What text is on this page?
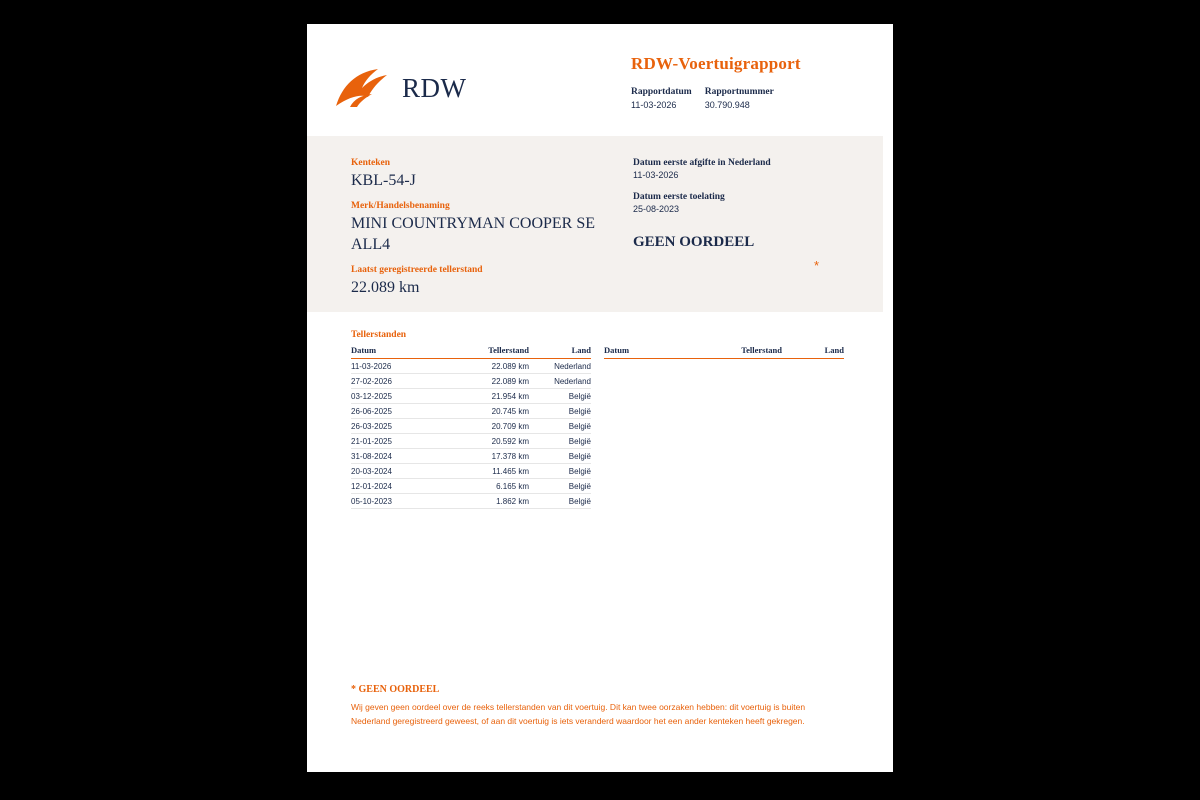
RDW
RDW-Voertuigrapport
Rapportdatum
11-03-2026
Rapportnummer
30.790.948
Kenteken
KBL-54-J
Merk/Handelsbenaming
MINI COUNTRYMAN COOPER SE ALL4
Laatst geregistreerde tellerstand
22.089 km
Datum eerste afgifte in Nederland
11-03-2026
Datum eerste toelating
25-08-2023
GEEN OORDEEL
*
Tellerstanden
Datum	Tellerstand	Land
11-03-2026	22.089 km	Nederland
27-02-2026	22.089 km	Nederland
03-12-2025	21.954 km	België
26-06-2025	20.745 km	België
26-03-2025	20.709 km	België
21-01-2025	20.592 km	België
31-08-2024	17.378 km	België
20-03-2024	11.465 km	België
12-01-2024	6.165 km	België
05-10-2023	1.862 km	België
Datum	Tellerstand	Land
* GEEN OORDEEL
Wij geven geen oordeel over de reeks tellerstanden van dit voertuig. Dit kan twee oorzaken hebben: dit voertuig is buiten Nederland geregistreerd geweest, of aan dit voertuig is iets veranderd waardoor het een ander kenteken heeft gekregen.
